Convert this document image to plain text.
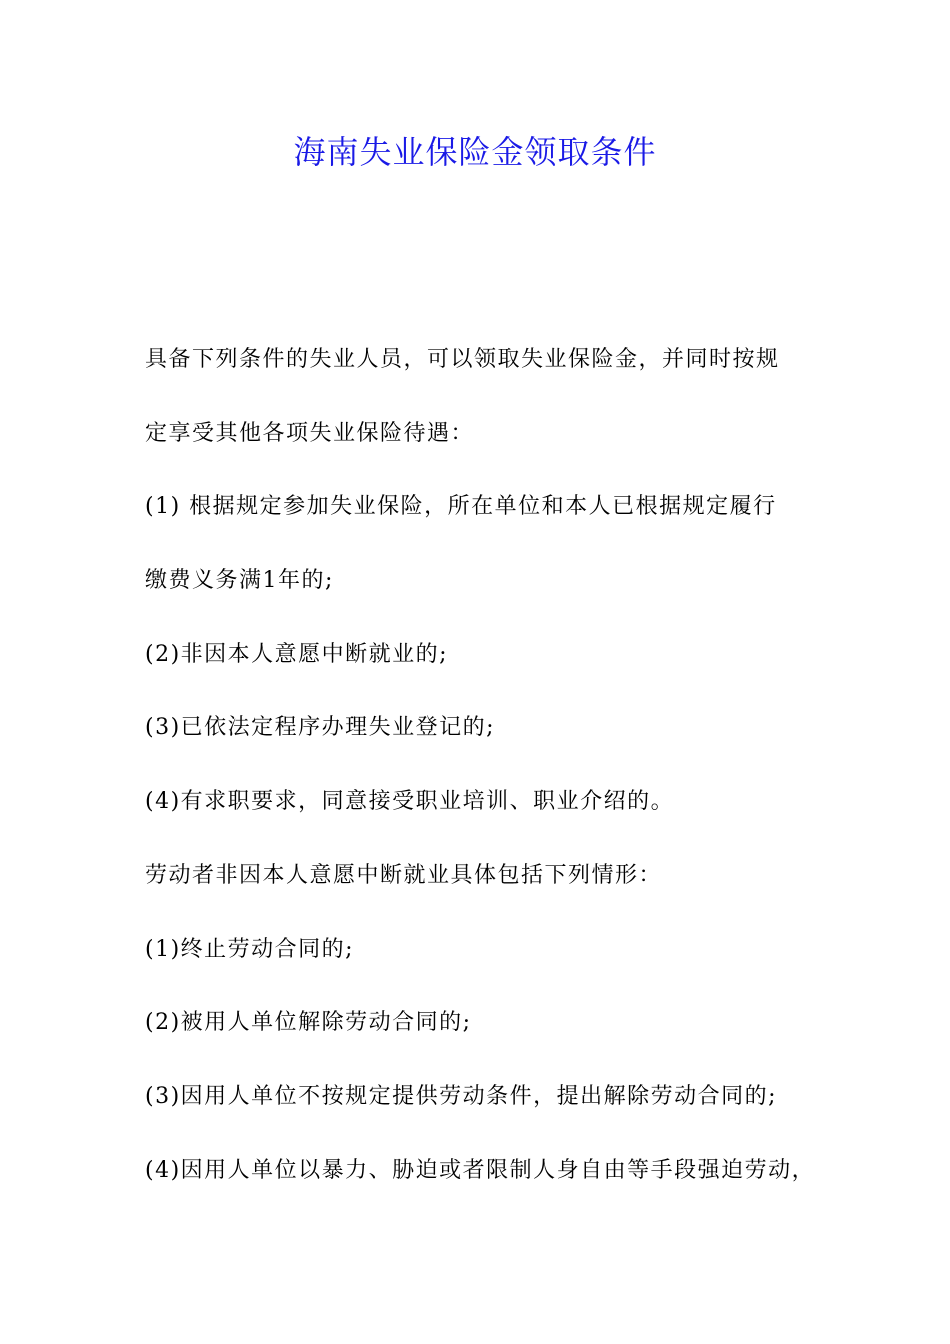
海南失业保险金领取条件

具备下列条件的失业人员，可以领取失业保险金，并同时按规

定享受其他各项失业保险待遇：

(1) 根据规定参加失业保险，所在单位和本人已根据规定履行

缴费义务满1年的;

(2)非因本人意愿中断就业的;

(3)已依法定程序办理失业登记的;

(4)有求职要求，同意接受职业培训、职业介绍的。

劳动者非因本人意愿中断就业具体包括下列情形：

(1)终止劳动合同的;

(2)被用人单位解除劳动合同的;

(3)因用人单位不按规定提供劳动条件，提出解除劳动合同的;

(4)因用人单位以暴力、胁迫或者限制人身自由等手段强迫劳动，
